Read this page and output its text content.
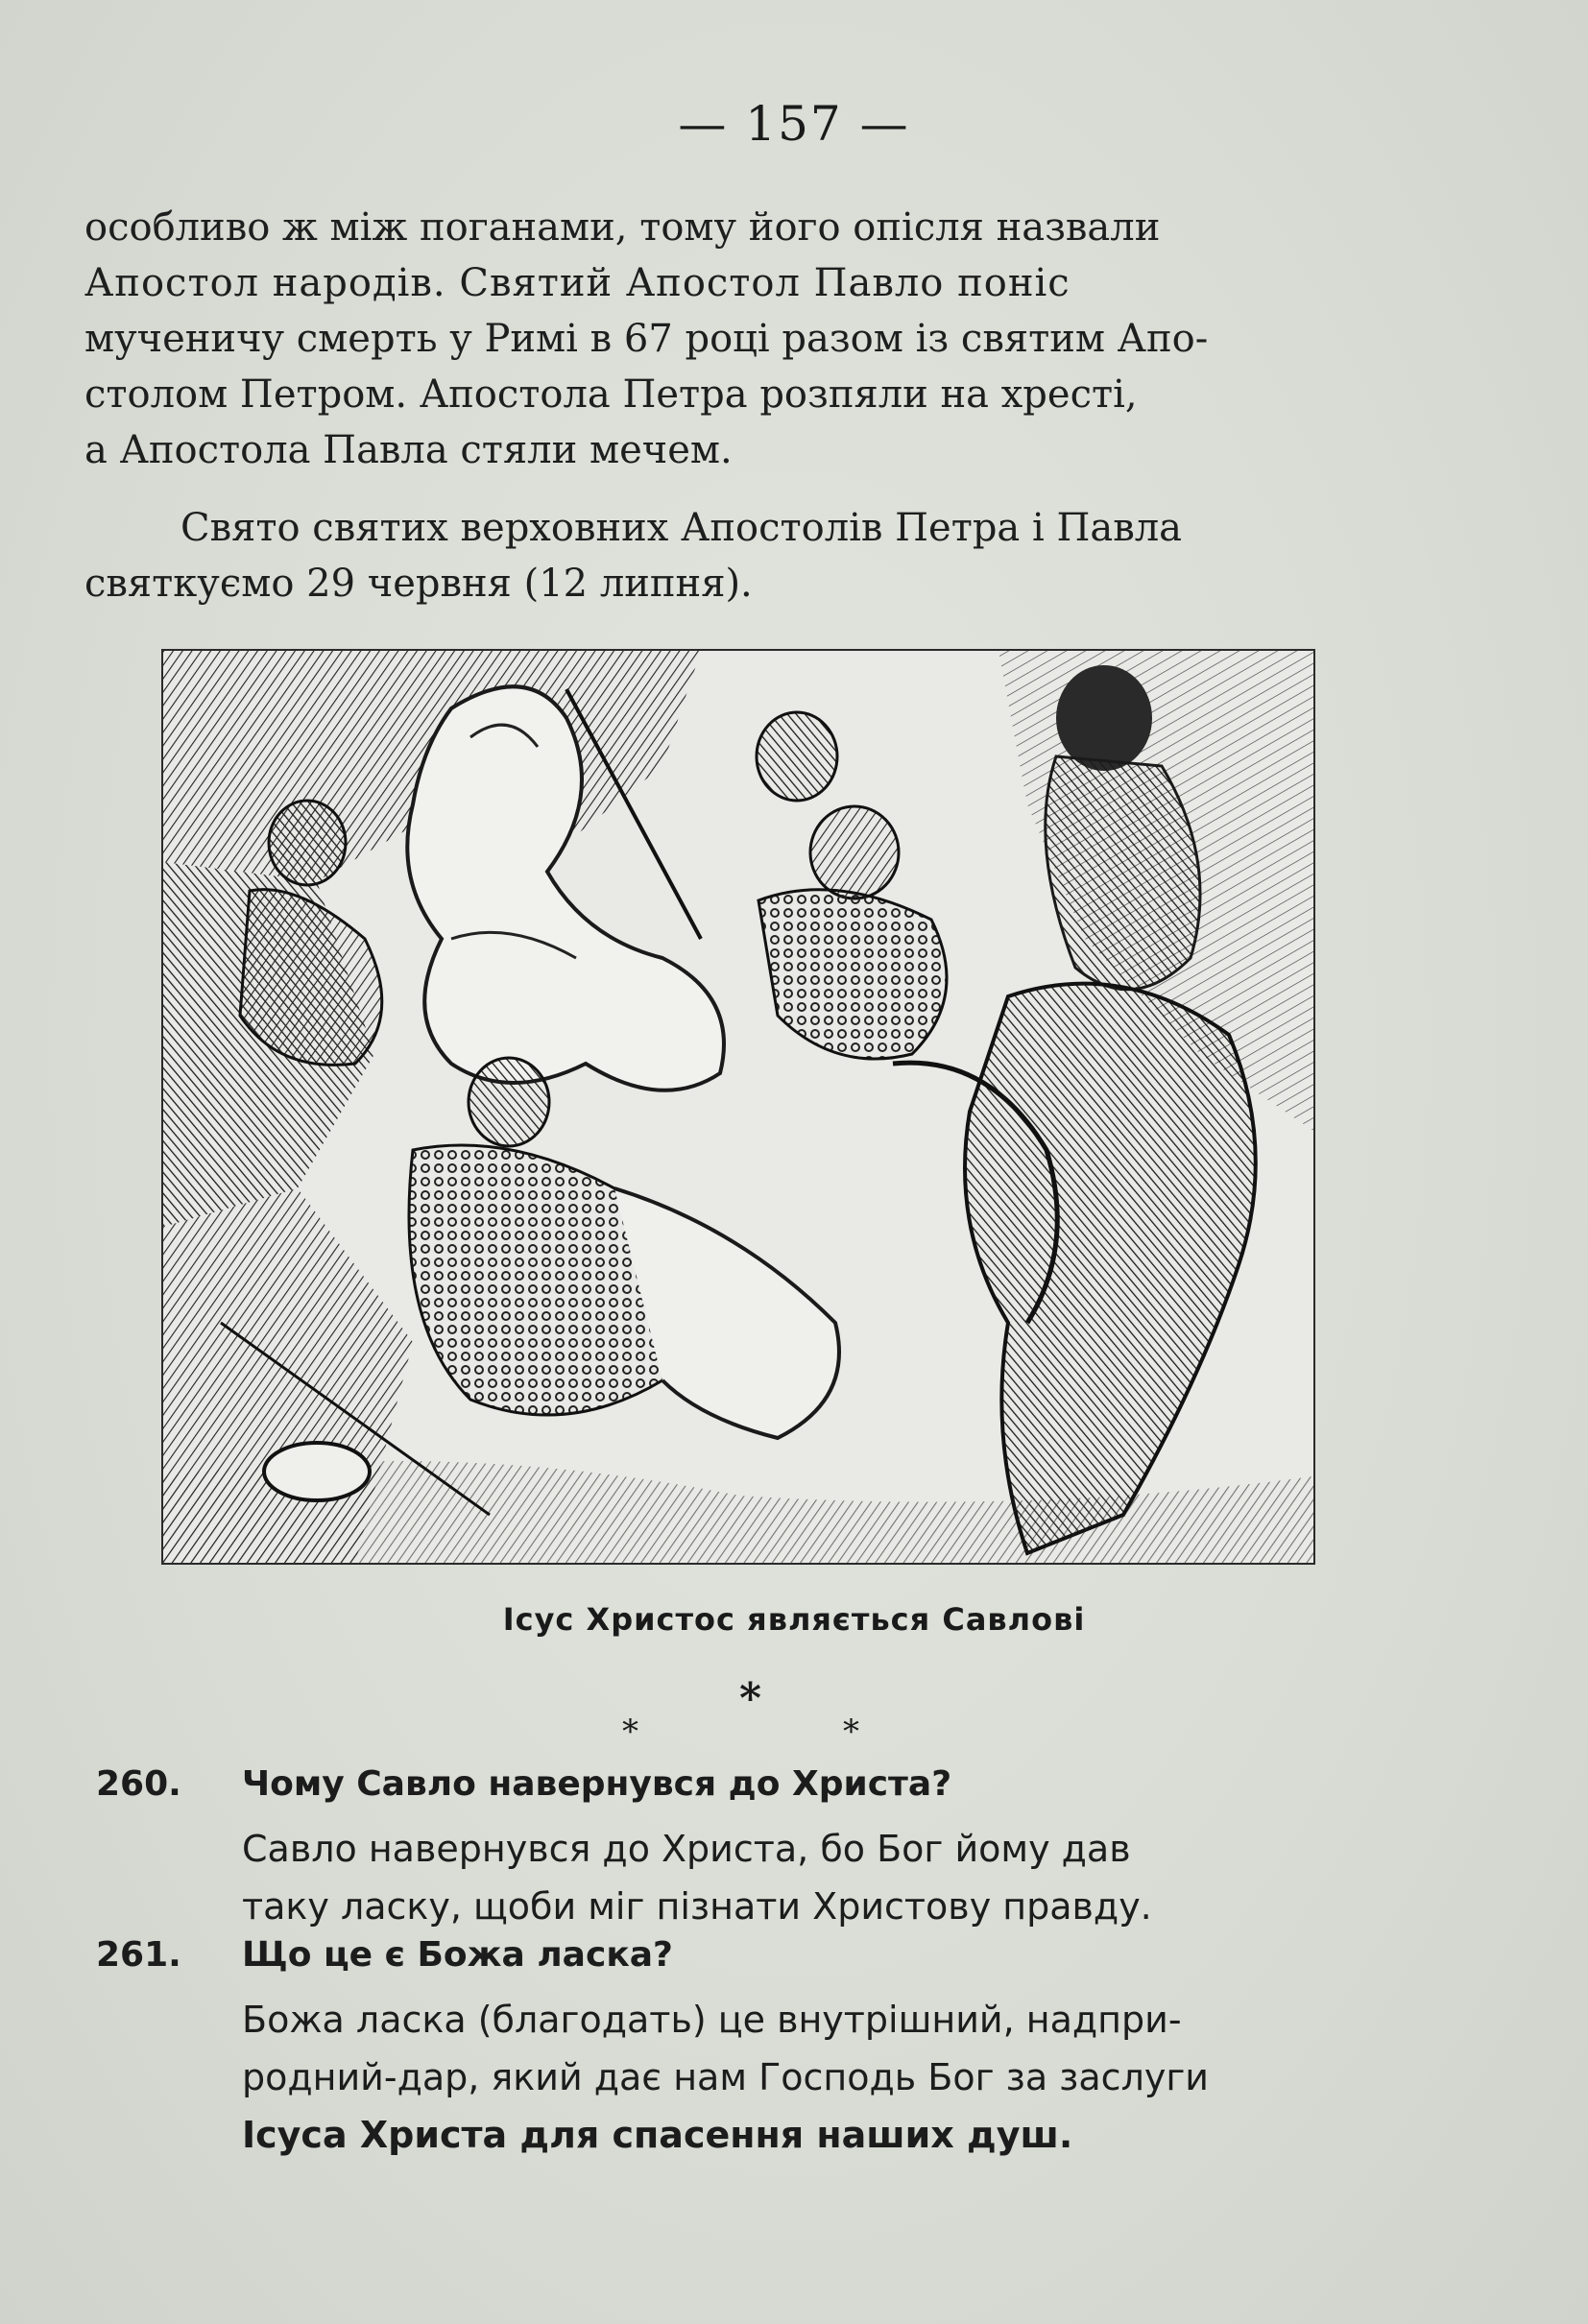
— 157 —
особливо ж між поганами, тому його опісля назвали
Апостол народів. Святий Апостол Павло поніс
мученичу смерть у Римі в 67 році разом із святим Апо-
столом Петром. Апостола Петра розпяли на хресті,
а Апостола Павла стяли мечем.
Свято святих верховних Апостолів Петра і Павла
святкуємо 29 червня (12 липня).
Ісус Христос являється Савлові
*
*	*
260. Чому Савло навернувся до Христа?
Савло навернувся до Христа, бо Бог йому дав
таку ласку, щоби міг пізнати Христову правду.
261. Що це є Божа ласка?
Божа ласка (благодать) це внутрішний, надпри-
родний-дар, який дає нам Господь Бог за заслуги
Ісуса Христа для спасення наших душ.
